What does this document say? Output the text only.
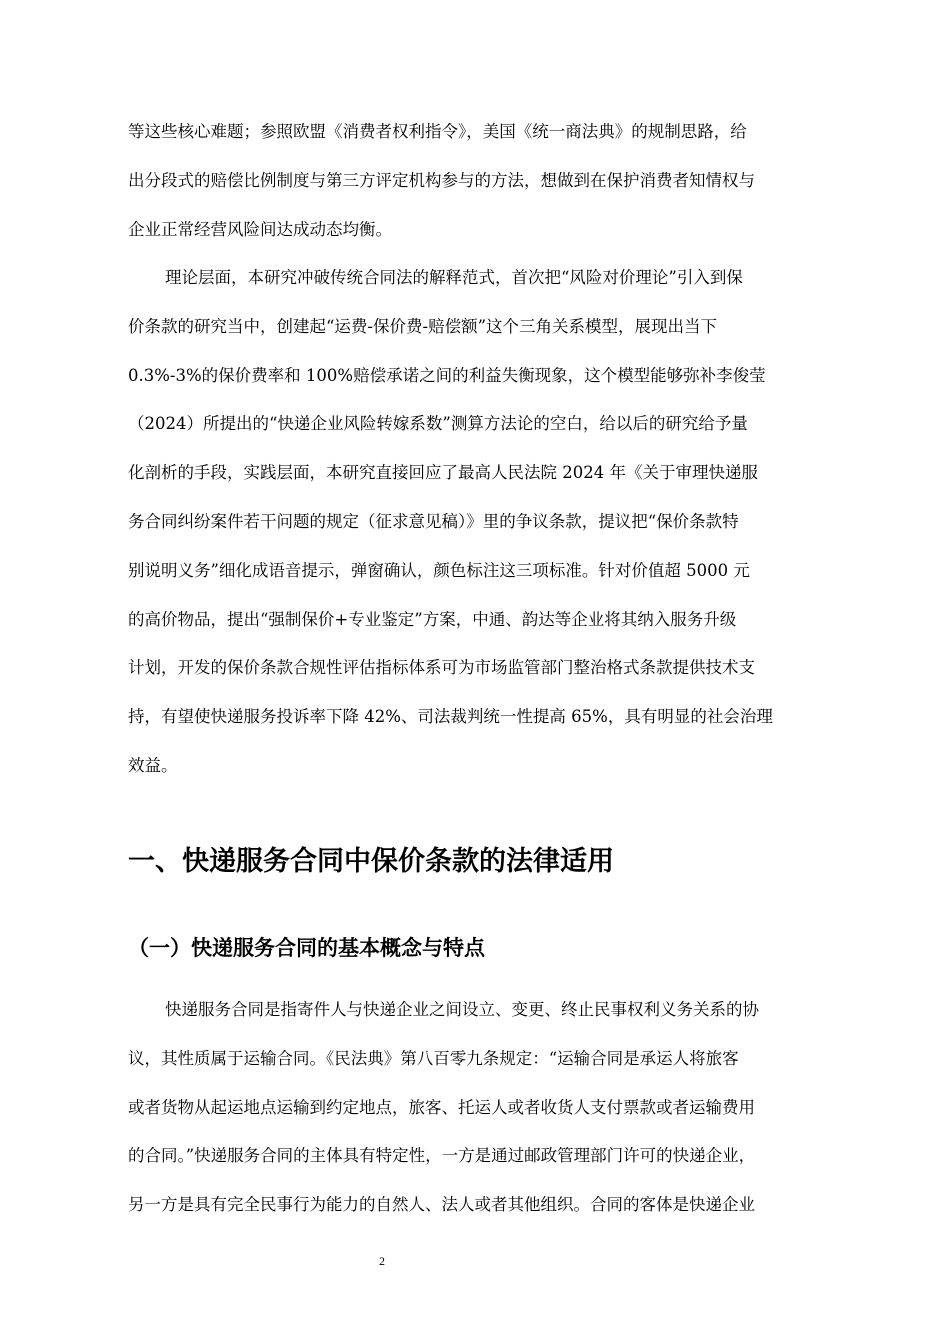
等这些核心难题；参照欧盟《消费者权利指令》，美国《统一商法典》的规制思路，给
出分段式的赔偿比例制度与第三方评定机构参与的方法，想做到在保护消费者知情权与
企业正常经营风险间达成动态均衡。
理论层面，本研究冲破传统合同法的解释范式，首次把“风险对价理论”引入到保
价条款的研究当中，创建起“运费-保价费-赔偿额”这个三角关系模型，展现出当下
0.3%-3%的保价费率和 100%赔偿承诺之间的利益失衡现象，这个模型能够弥补李俊莹
（2024）所提出的“快递企业风险转嫁系数”测算方法论的空白，给以后的研究给予量
化剖析的手段，实践层面，本研究直接回应了最高人民法院 2024 年《关于审理快递服
务合同纠纷案件若干问题的规定（征求意见稿）》里的争议条款，提议把“保价条款特
别说明义务”细化成语音提示，弹窗确认，颜色标注这三项标准。针对价值超 5000 元
的高价物品，提出“强制保价+专业鉴定”方案，中通、韵达等企业将其纳入服务升级
计划，开发的保价条款合规性评估指标体系可为市场监管部门整治格式条款提供技术支
持，有望使快递服务投诉率下降 42%、司法裁判统一性提高 65%，具有明显的社会治理
效益。
一、快递服务合同中保价条款的法律适用
（一）快递服务合同的基本概念与特点
快递服务合同是指寄件人与快递企业之间设立、变更、终止民事权利义务关系的协
议，其性质属于运输合同。《民法典》第八百零九条规定：“运输合同是承运人将旅客
或者货物从起运地点运输到约定地点，旅客、托运人或者收货人支付票款或者运输费用
的合同。”快递服务合同的主体具有特定性，一方是通过邮政管理部门许可的快递企业，
另一方是具有完全民事行为能力的自然人、法人或者其他组织。合同的客体是快递企业
2
